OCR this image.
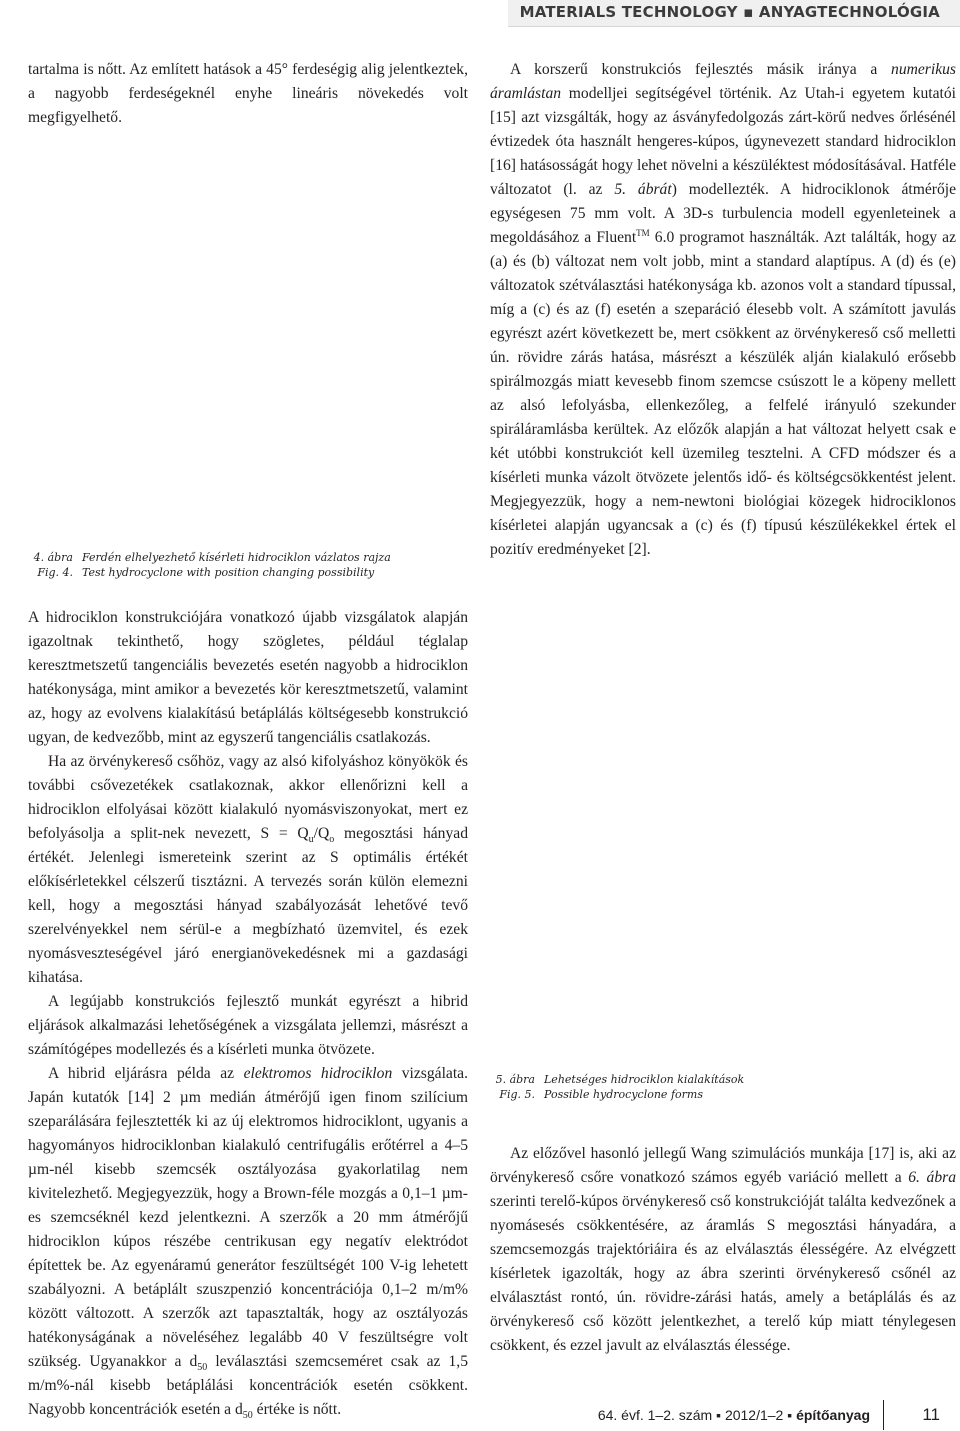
MATERIALS TECHNOLOGY ▪ ANYAGTECHNOLÓGIA

tartalma is nőtt. Az említett hatások a 45° ferdeségig alig jelentkeztek, a nagyobb ferdeségeknél enyhe lineáris növekedés volt megfigyelhető.

4. ábra Ferdén elhelyezhető kísérleti hidrociklon vázlatos rajza
Fig. 4. Test hydrocyclone with position changing possibility

A hidrociklon konstrukciójára vonatkozó újabb vizsgálatok alapján igazoltnak tekinthető, hogy szögletes, például téglalap keresztmetszetű tangenciális bevezetés esetén nagyobb a hidrociklon hatékonysága, mint amikor a bevezetés kör keresztmetszetű, valamint az, hogy az evolvens kialakítású betáplálás költségesebb konstrukció ugyan, de kedvezőbb, mint az egyszerű tangenciális csatlakozás.

Ha az örvénykereső csőhöz, vagy az alsó kifolyáshoz könyökök és további csővezetékek csatlakoznak, akkor ellenőrizni kell a hidrociklon elfolyásai között kialakuló nyomásviszonyokat, mert ez befolyásolja a split-nek nevezett, $S = Q_u/Q_o$ megosztási hányad értékét. Jelenlegi ismereteink szerint az S optimális értékét előkísérletekkel célszerű tisztázni. A tervezés során külön elemezni kell, hogy a megosztási hányad szabályozását lehetővé tevő szerelvényekkel nem sérül-e a megbízható üzemvitel, és ezek nyomásveszteségével járó energianövekedésnek mi a gazdasági kihatása.

A legújabb konstrukciós fejlesztő munkát egyrészt a hibrid eljárások alkalmazási lehetőségének a vizsgálata jellemzi, másrészt a számítógépes modellezés és a kísérleti munka ötvözete.

A hibrid eljárásra példa az elektromos hidrociklon vizsgálata. Japán kutatók [14] 2 µm medián átmérőjű igen finom szilícium szeparálására fejlesztették ki az új elektromos hidrociklont, ugyanis a hagyományos hidrociklonban kialakuló centrifugális erőtérrel a 4–5 µm-nél kisebb szemcsék osztályozása gyakorlatilag nem kivitelezhető. Megjegyezzük, hogy a Brown-féle mozgás a 0,1–1 µm-es szemcséknél kezd jelentkezni. A szerzők a 20 mm átmérőjű hidrociklon kúpos részébe centrikusan egy negatív elektródot építettek be. Az egyenáramú generátor feszültségét 100 V-ig lehetett szabályozni. A betáplált szuszpenzió koncentrációja 0,1–2 m/m% között változott. A szerzők azt tapasztalták, hogy az osztályozás hatékonyságának a növeléséhez legalább 40 V feszültségre volt szükség. Ugyanakkor a $d_{50}$ leválasztási szemcseméret csak az 1,5 m/m%-nál kisebb betáplálási koncentrációk esetén csökkent. Nagyobb koncentrációk esetén a $d_{50}$ értéke is nőtt.

A korszerű konstrukciós fejlesztés másik iránya a numerikus áramlástan modelljei segítségével történik. Az Utah-i egyetem kutatói [15] azt vizsgálták, hogy az ásványfedolgozás zárt-körű nedves őrlésénél évtizedek óta használt hengeres-kúpos, úgynevezett standard hidrociklon [16] hatásosságát hogy lehet növelni a készüléktest módosításával. Hatféle változatot (l. az 5. ábrát) modellezték. A hidrociklonok átmérője egységesen 75 mm volt. A 3D-s turbulencia modell egyenleteinek a megoldásához a Fluent™ 6.0 programot használták. Azt találták, hogy az (a) és (b) változat nem volt jobb, mint a standard alaptípus. A (d) és (e) változatok szétválasztási hatékonysága kb. azonos volt a standard típussal, míg a (c) és az (f) esetén a szeparáció élesebb volt. A számított javulás egyrészt azért következett be, mert csökkent az örvénykereső cső melletti ún. rövidre zárás hatása, másrészt a készülék alján kialakuló erősebb spirálmozgás miatt kevesebb finom szemcse csúszott le a köpeny mellett az alsó lefolyásba, ellenkezőleg, a felfelé irányuló szekunder spiráláramlásba kerültek. Az előzők alapján a hat változat helyett csak e két utóbbi konstrukciót kell üzemileg tesztelni. A CFD módszer és a kísérleti munka vázolt ötvözete jelentős idő- és költségcsökkentést jelent. Megjegyezzük, hogy a nem-newtoni biológiai közegek hidrociklonos kísérletei alapján ugyancsak a (c) és (f) típusú készülékekkel értek el pozitív eredményeket [2].

5. ábra Lehetséges hidrociklon kialakítások
Fig. 5. Possible hydrocyclone forms

Az előzővel hasonló jellegű Wang szimulációs munkája [17] is, aki az örvénykereső csőre vonatkozó számos egyéb variáció mellett a 6. ábra szerinti terelő-kúpos örvénykereső cső konstrukcióját találta kedvezőnek a nyomásesés csökkentésére, az áramlás S megosztási hányadára, a szemcsemozgás trajektóriáira és az elválasztás élességére. Az elvégzett kísérletek igazolták, hogy az ábra szerinti örvénykereső csőnél az elválasztást rontó, ún. rövidre-zárási hatás, amely a betáplálás és az örvénykereső cső között jelentkezhet, a terelő kúp miatt ténylegesen csökkent, és ezzel javult az elválasztás élessége.

64. évf. 1–2. szám ▪ 2012/1–2 ▪ építőanyag	11
